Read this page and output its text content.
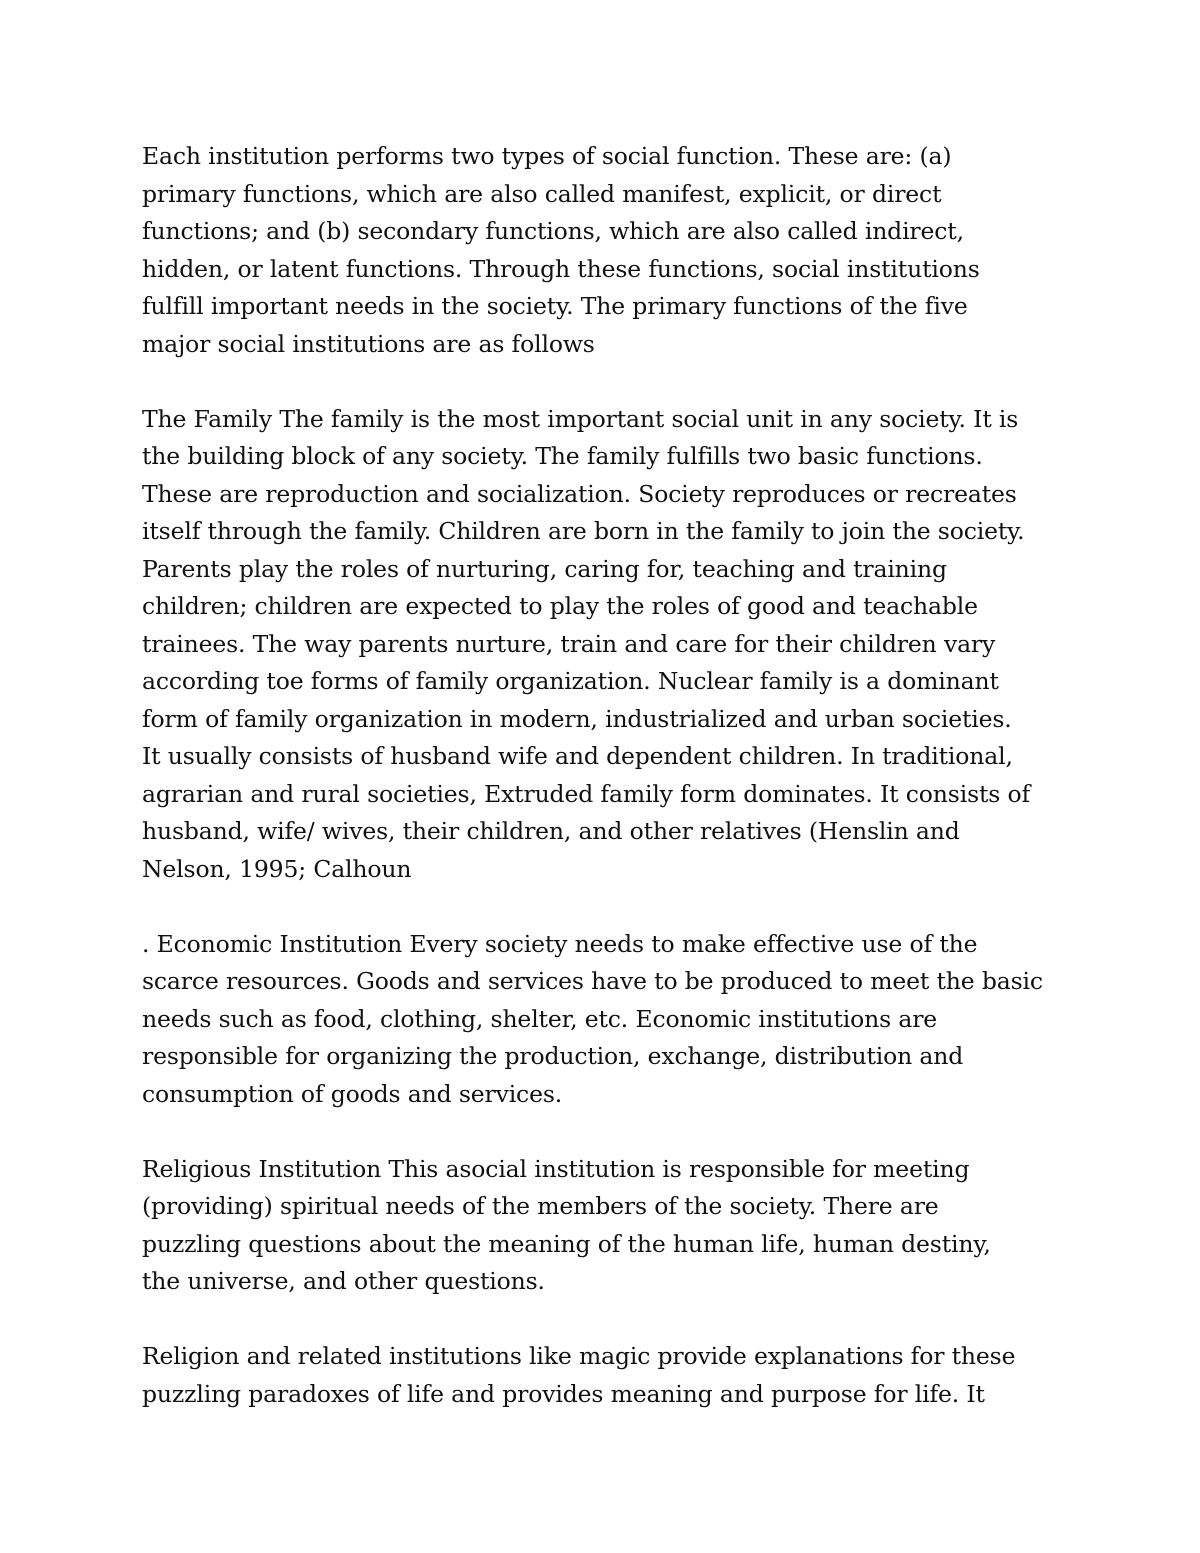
Each institution performs two types of social function. These are: (a)
primary functions, which are also called manifest, explicit, or direct
functions; and (b) secondary functions, which are also called indirect,
hidden, or latent functions. Through these functions, social institutions
fulfill important needs in the society. The primary functions of the five
major social institutions are as follows

The Family The family is the most important social unit in any society. It is
the building block of any society. The family fulfills two basic functions.
These are reproduction and socialization. Society reproduces or recreates
itself through the family. Children are born in the family to join the society.
Parents play the roles of nurturing, caring for, teaching and training
children; children are expected to play the roles of good and teachable
trainees. The way parents nurture, train and care for their children vary
according toe forms of family organization. Nuclear family is a dominant
form of family organization in modern, industrialized and urban societies.
It usually consists of husband wife and dependent children. In traditional,
agrarian and rural societies, Extruded family form dominates. It consists of
husband, wife/ wives, their children, and other relatives (Henslin and
Nelson, 1995; Calhoun

. Economic Institution Every society needs to make effective use of the
scarce resources. Goods and services have to be produced to meet the basic
needs such as food, clothing, shelter, etc. Economic institutions are
responsible for organizing the production, exchange, distribution and
consumption of goods and services.

Religious Institution This asocial institution is responsible for meeting
(providing) spiritual needs of the members of the society. There are
puzzling questions about the meaning of the human life, human destiny,
the universe, and other questions.

Religion and related institutions like magic provide explanations for these
puzzling paradoxes of life and provides meaning and purpose for life. It
